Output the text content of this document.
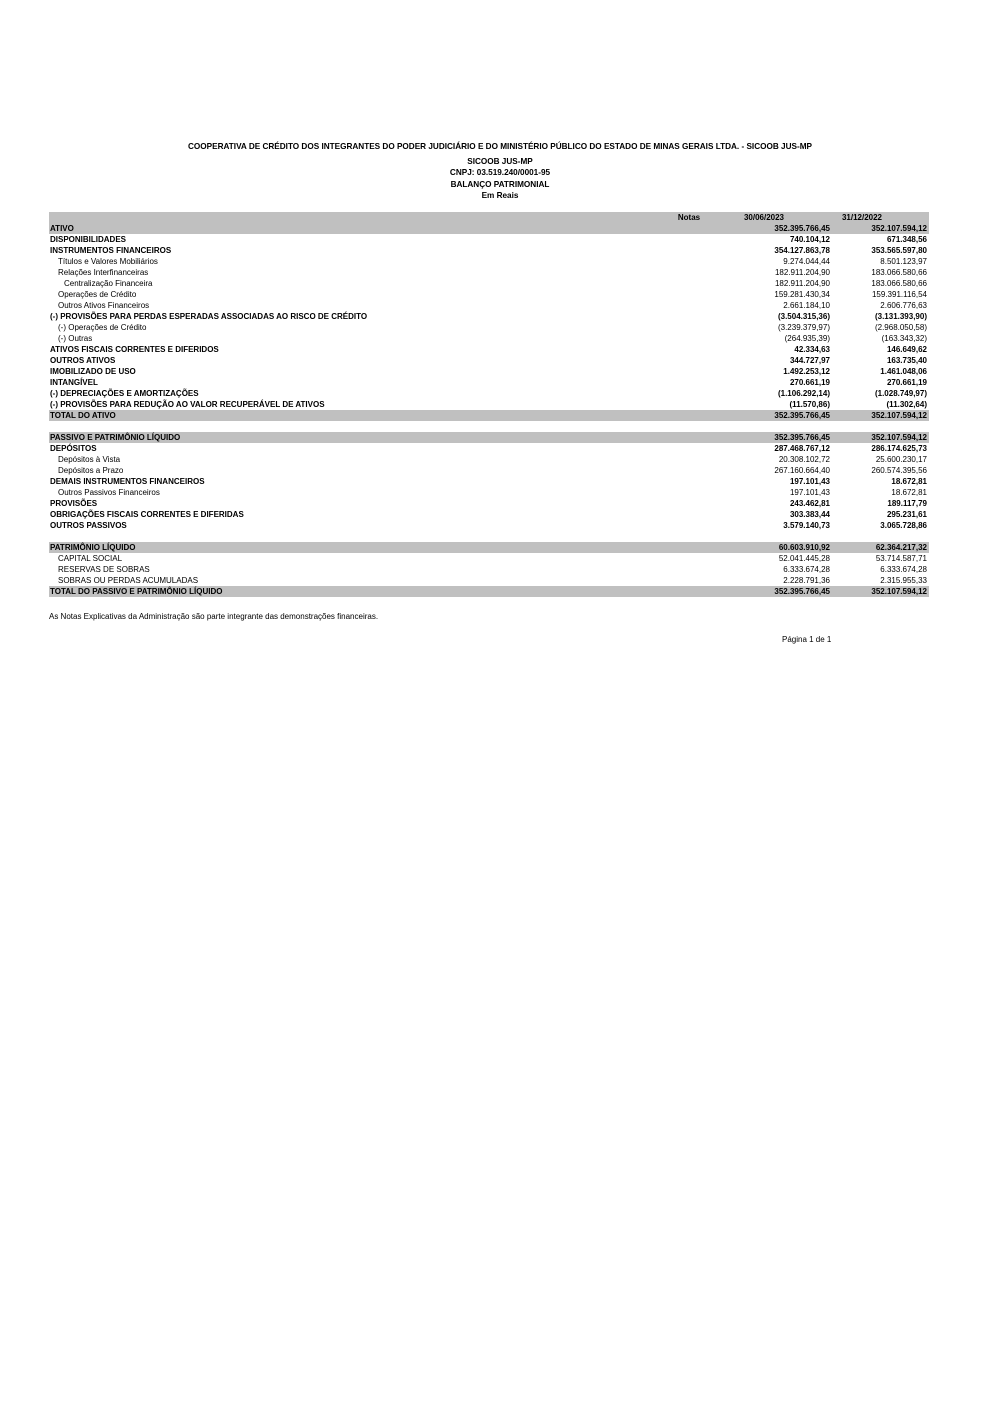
COOPERATIVA DE CRÉDITO DOS INTEGRANTES DO PODER JUDICIÁRIO E DO MINISTÉRIO PÚBLICO DO ESTADO DE MINAS GERAIS LTDA. - SICOOB JUS-MP
SICOOB JUS-MP
CNPJ: 03.519.240/0001-95
BALANÇO PATRIMONIAL
Em Reais
Notas	30/06/2023	31/12/2022
ATIVO	352.395.766,45	352.107.594,12
DISPONIBILIDADES	740.104,12	671.348,56
INSTRUMENTOS FINANCEIROS	354.127.863,78	353.565.597,80
Títulos e Valores Mobiliários	9.274.044,44	8.501.123,97
Relações Interfinanceiras	182.911.204,90	183.066.580,66
Centralização Financeira	182.911.204,90	183.066.580,66
Operações de Crédito	159.281.430,34	159.391.116,54
Outros Ativos Financeiros	2.661.184,10	2.606.776,63
(-) PROVISÕES PARA PERDAS ESPERADAS ASSOCIADAS AO RISCO DE CRÉDITO	(3.504.315,36)	(3.131.393,90)
(-) Operações de Crédito	(3.239.379,97)	(2.968.050,58)
(-) Outras	(264.935,39)	(163.343,32)
ATIVOS FISCAIS CORRENTES E DIFERIDOS	42.334,63	146.649,62
OUTROS ATIVOS	344.727,97	163.735,40
IMOBILIZADO DE USO	1.492.253,12	1.461.048,06
INTANGÍVEL	270.661,19	270.661,19
(-) DEPRECIAÇÕES E AMORTIZAÇÕES	(1.106.292,14)	(1.028.749,97)
(-) PROVISÕES PARA REDUÇÃO AO VALOR RECUPERÁVEL DE ATIVOS	(11.570,86)	(11.302,64)
TOTAL DO ATIVO	352.395.766,45	352.107.594,12
PASSIVO E PATRIMÔNIO LÍQUIDO	352.395.766,45	352.107.594,12
DEPÓSITOS	287.468.767,12	286.174.625,73
Depósitos à Vista	20.308.102,72	25.600.230,17
Depósitos a Prazo	267.160.664,40	260.574.395,56
DEMAIS INSTRUMENTOS FINANCEIROS	197.101,43	18.672,81
Outros Passivos Financeiros	197.101,43	18.672,81
PROVISÕES	243.462,81	189.117,79
OBRIGAÇÕES FISCAIS CORRENTES E DIFERIDAS	303.383,44	295.231,61
OUTROS PASSIVOS	3.579.140,73	3.065.728,86
PATRIMÔNIO LÍQUIDO	60.603.910,92	62.364.217,32
CAPITAL SOCIAL	52.041.445,28	53.714.587,71
RESERVAS DE SOBRAS	6.333.674,28	6.333.674,28
SOBRAS OU PERDAS ACUMULADAS	2.228.791,36	2.315.955,33
TOTAL DO PASSIVO E PATRIMÔNIO LÍQUIDO	352.395.766,45	352.107.594,12
As Notas Explicativas da Administração são parte integrante das demonstrações financeiras.
Página 1 de 1
